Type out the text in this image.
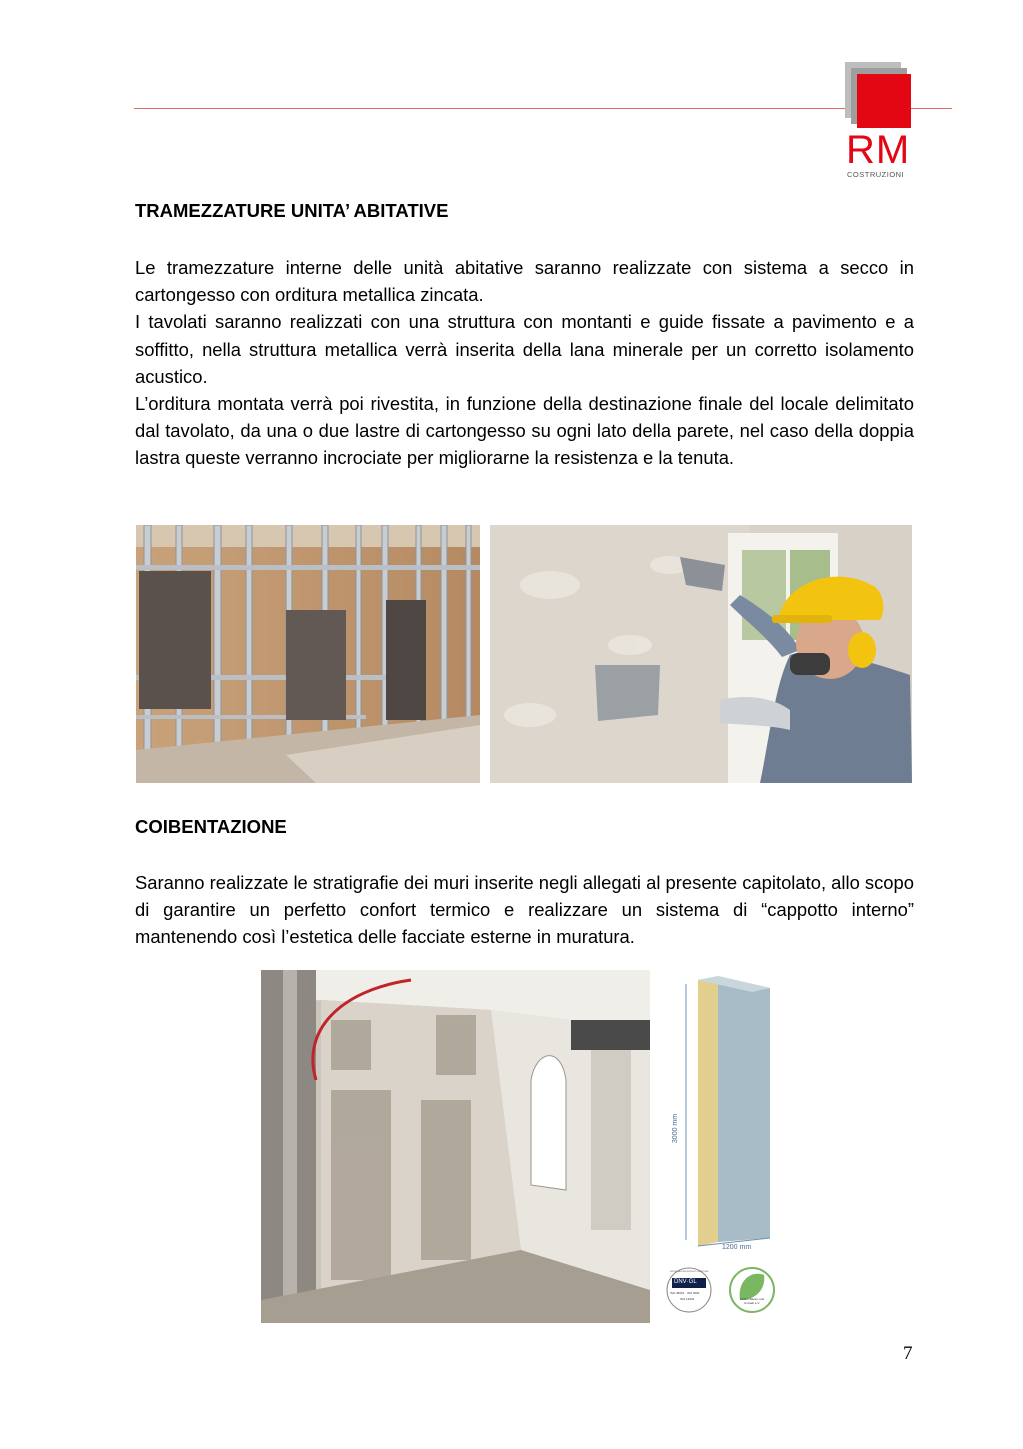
RM
COSTRUZIONI
TRAMEZZATURE UNITA’ ABITATIVE

Le tramezzature interne delle unità abitative saranno realizzate con sistema a secco in cartongesso con orditura metallica zincata.

I tavolati saranno realizzati con una struttura con montanti e guide fissate a pavimento e a soffitto, nella struttura metallica verrà inserita della lana minerale per un corretto isolamento acustico.

L’orditura montata verrà poi rivestita, in funzione della destinazione finale del locale delimitato dal tavolato, da una o due lastre di cartongesso su ogni lato della parete, nel caso della doppia lastra queste verranno incrociate per migliorarne la resistenza e la tenuta.

COIBENTAZIONE

Saranno realizzate le stratigrafie dei muri inserite negli allegati al presente capitolato, allo scopo di garantire un perfetto confort termico e realizzare un sistema di “cappotto interno” mantenendo così l’estetica delle facciate esterne in muratura.

3000 mm
1200 mm
DNV·GL
CERTIFICAZIONE SISTEMI DI GESTIONE
ISO 45001 · ISO 9001
ISO 14001	Institut Bauen und Umwelt e.V.
7
